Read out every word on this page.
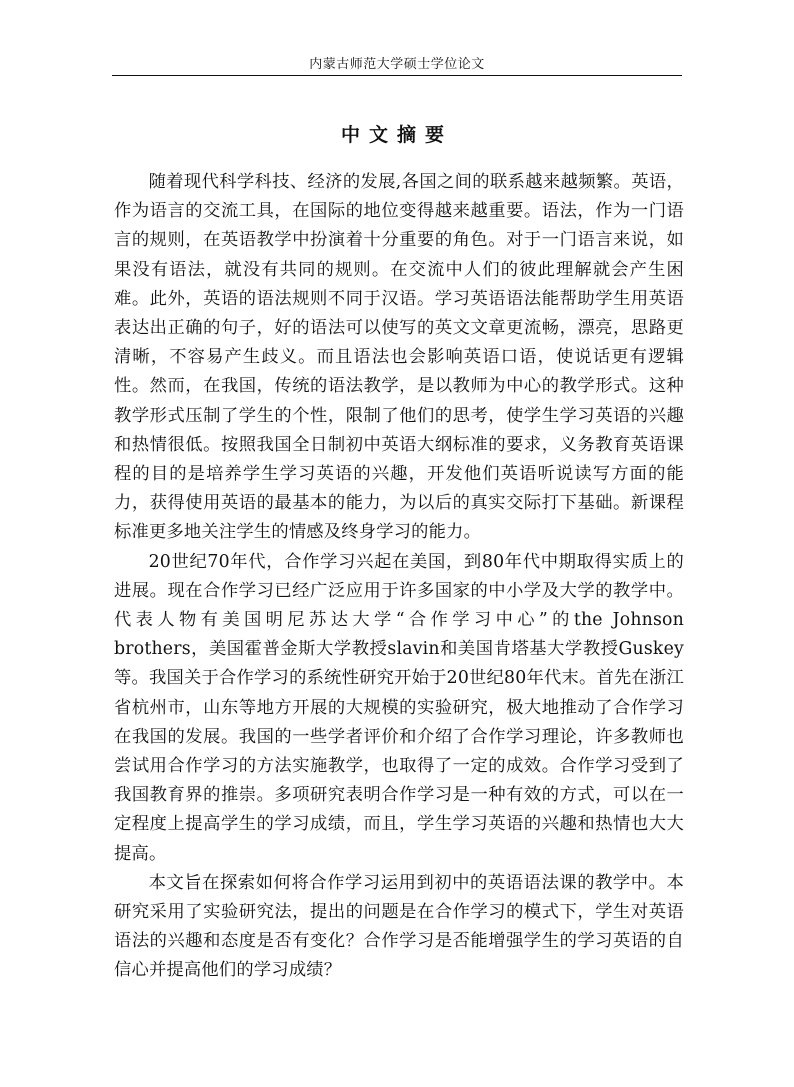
内蒙古师范大学硕士学位论文
中文摘要

随着现代科学科技、经济的发展,各国之间的联系越来越频繁。英语，作为语言的交流工具，在国际的地位变得越来越重要。语法，作为一门语言的规则，在英语教学中扮演着十分重要的角色。对于一门语言来说，如果没有语法，就没有共同的规则。在交流中人们的彼此理解就会产生困难。此外，英语的语法规则不同于汉语。学习英语语法能帮助学生用英语表达出正确的句子，好的语法可以使写的英文文章更流畅，漂亮，思路更清晰，不容易产生歧义。而且语法也会影响英语口语，使说话更有逻辑性。然而，在我国，传统的语法教学，是以教师为中心的教学形式。这种教学形式压制了学生的个性，限制了他们的思考，使学生学习英语的兴趣和热情很低。按照我国全日制初中英语大纲标准的要求，义务教育英语课程的目的是培养学生学习英语的兴趣，开发他们英语听说读写方面的能力，获得使用英语的最基本的能力，为以后的真实交际打下基础。新课程标准更多地关注学生的情感及终身学习的能力。

20世纪70年代，合作学习兴起在美国，到80年代中期取得实质上的进展。现在合作学习已经广泛应用于许多国家的中小学及大学的教学中。代表人物有美国明尼苏达大学“合作学习中心”的the Johnson brothers，美国霍普金斯大学教授slavin和美国肯塔基大学教授Guskey等。我国关于合作学习的系统性研究开始于20世纪80年代末。首先在浙江省杭州市，山东等地方开展的大规模的实验研究，极大地推动了合作学习在我国的发展。我国的一些学者评价和介绍了合作学习理论，许多教师也尝试用合作学习的方法实施教学，也取得了一定的成效。合作学习受到了我国教育界的推崇。多项研究表明合作学习是一种有效的方式，可以在一定程度上提高学生的学习成绩，而且，学生学习英语的兴趣和热情也大大提高。

本文旨在探索如何将合作学习运用到初中的英语语法课的教学中。本研究采用了实验研究法，提出的问题是在合作学习的模式下，学生对英语语法的兴趣和态度是否有变化？合作学习是否能增强学生的学习英语的自信心并提高他们的学习成绩？
